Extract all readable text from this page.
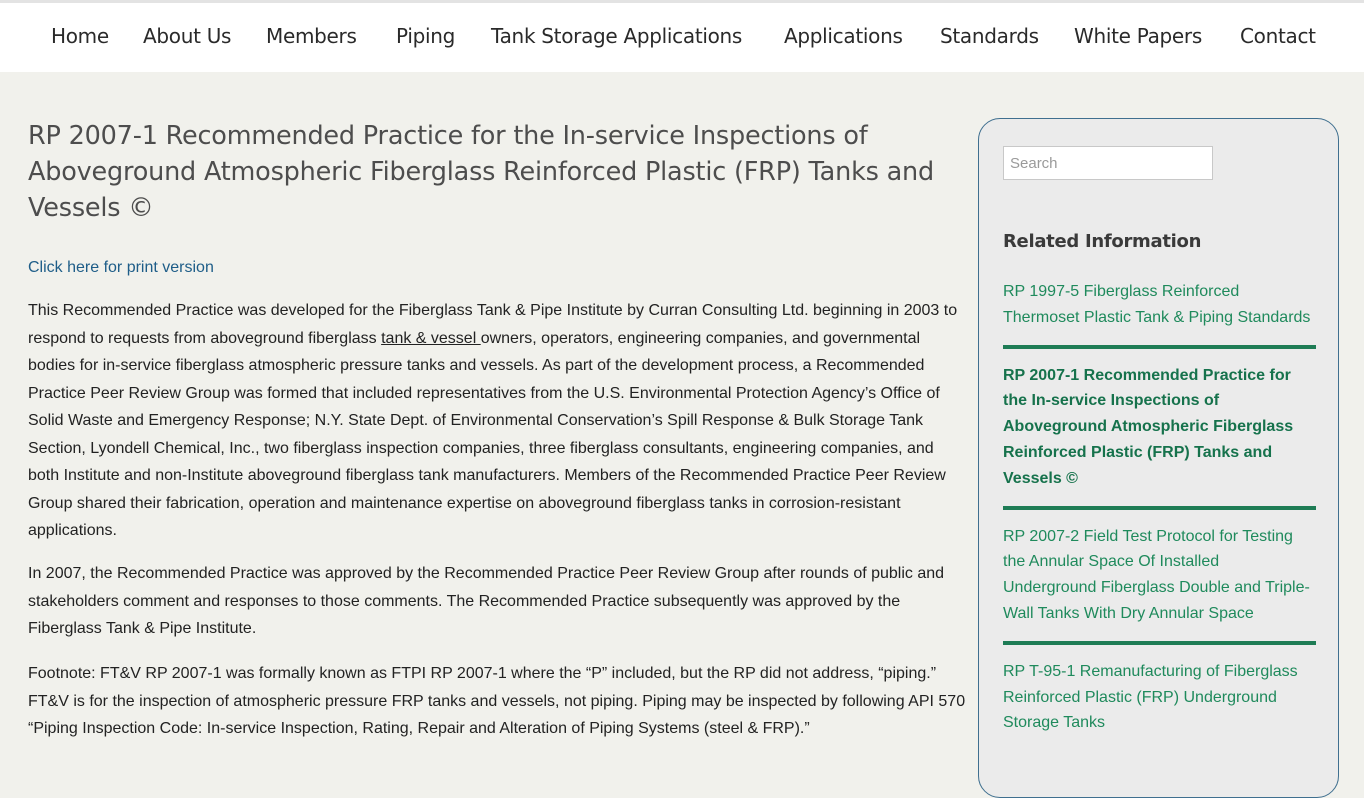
Home About Us Members Piping Tank Storage Applications Applications Standards White Papers Contact
RP 2007-1 Recommended Practice for the In-service Inspections of Aboveground Atmospheric Fiberglass Reinforced Plastic (FRP) Tanks and Vessels ©
Click here for print version

This Recommended Practice was developed for the Fiberglass Tank & Pipe Institute by Curran Consulting Ltd. beginning in 2003 to respond to requests from aboveground fiberglass tank & vessel owners, operators, engineering companies, and governmental bodies for in-service fiberglass atmospheric pressure tanks and vessels. As part of the development process, a Recommended Practice Peer Review Group was formed that included representatives from the U.S. Environmental Protection Agency’s Office of Solid Waste and Emergency Response; N.Y. State Dept. of Environmental Conservation’s Spill Response & Bulk Storage Tank Section, Lyondell Chemical, Inc., two fiberglass inspection companies, three fiberglass consultants, engineering companies, and both Institute and non-Institute aboveground fiberglass tank manufacturers. Members of the Recommended Practice Peer Review Group shared their fabrication, operation and maintenance expertise on aboveground fiberglass tanks in corrosion-resistant applications.

In 2007, the Recommended Practice was approved by the Recommended Practice Peer Review Group after rounds of public and stakeholders comment and responses to those comments. The Recommended Practice subsequently was approved by the Fiberglass Tank & Pipe Institute.

Footnote: FT&V RP 2007-1 was formally known as FTPI RP 2007-1 where the “P” included, but the RP did not address, “piping.” FT&V is for the inspection of atmospheric pressure FRP tanks and vessels, not piping. Piping may be inspected by following API 570 “Piping Inspection Code: In-service Inspection, Rating, Repair and Alteration of Piping Systems (steel & FRP).”

Search
Related Information
RP 1997-5 Fiberglass Reinforced Thermoset Plastic Tank & Piping Standards
RP 2007-1 Recommended Practice for the In-service Inspections of Aboveground Atmospheric Fiberglass Reinforced Plastic (FRP) Tanks and Vessels ©
RP 2007-2 Field Test Protocol for Testing the Annular Space Of Installed Underground Fiberglass Double and Triple-Wall Tanks With Dry Annular Space
RP T-95-1 Remanufacturing of Fiberglass Reinforced Plastic (FRP) Underground Storage Tanks
